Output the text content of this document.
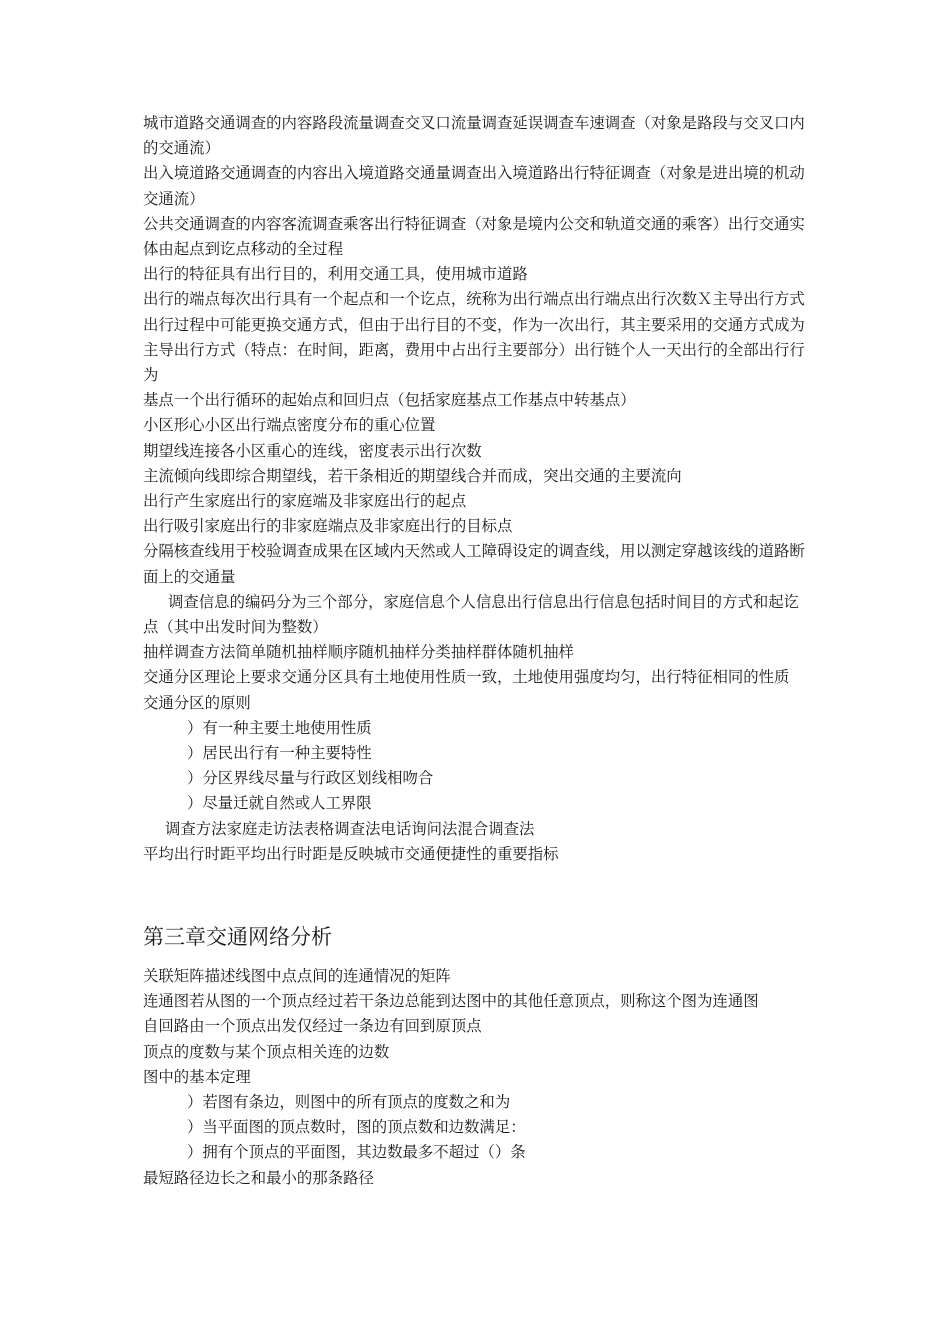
城市道路交通调查的内容路段流量调查交叉口流量调查延误调查车速调查（对象是路段与交叉口内的交通流）

出入境道路交通调查的内容出入境道路交通量调查出入境道路出行特征调查（对象是进出境的机动交通流）

公共交通调查的内容客流调查乘客出行特征调查（对象是境内公交和轨道交通的乘客）出行交通实体由起点到讫点移动的全过程

出行的特征具有出行目的，利用交通工具，使用城市道路

出行的端点每次出行具有一个起点和一个讫点，统称为出行端点出行端点出行次数Ｘ主导出行方式出行过程中可能更换交通方式，但由于出行目的不变，作为一次出行，其主要采用的交通方式成为主导出行方式（特点：在时间，距离，费用中占出行主要部分）出行链个人一天出行的全部出行行为

基点一个出行循环的起始点和回归点（包括家庭基点工作基点中转基点）

小区形心小区出行端点密度分布的重心位置

期望线连接各小区重心的连线，密度表示出行次数

主流倾向线即综合期望线，若干条相近的期望线合并而成，突出交通的主要流向

出行产生家庭出行的家庭端及非家庭出行的起点

出行吸引家庭出行的非家庭端点及非家庭出行的目标点

分隔核查线用于校验调查成果在区域内天然或人工障碍设定的调查线，用以测定穿越该线的道路断面上的交通量

调查信息的编码分为三个部分，家庭信息个人信息出行信息出行信息包括时间目的方式和起讫点（其中出发时间为整数）

抽样调查方法简单随机抽样顺序随机抽样分类抽样群体随机抽样

交通分区理论上要求交通分区具有土地使用性质一致，土地使用强度均匀，出行特征相同的性质

交通分区的原则

）有一种主要土地使用性质

）居民出行有一种主要特性

）分区界线尽量与行政区划线相吻合

）尽量迁就自然或人工界限

调查方法家庭走访法表格调查法电话询问法混合调查法

平均出行时距平均出行时距是反映城市交通便捷性的重要指标

第三章交通网络分析

关联矩阵描述线图中点点间的连通情况的矩阵

连通图若从图的一个顶点经过若干条边总能到达图中的其他任意顶点，则称这个图为连通图

自回路由一个顶点出发仅经过一条边有回到原顶点

顶点的度数与某个顶点相关连的边数

图中的基本定理

）若图有条边，则图中的所有顶点的度数之和为

）当平面图的顶点数时，图的顶点数和边数满足：

）拥有个顶点的平面图，其边数最多不超过（）条

最短路径边长之和最小的那条路径
